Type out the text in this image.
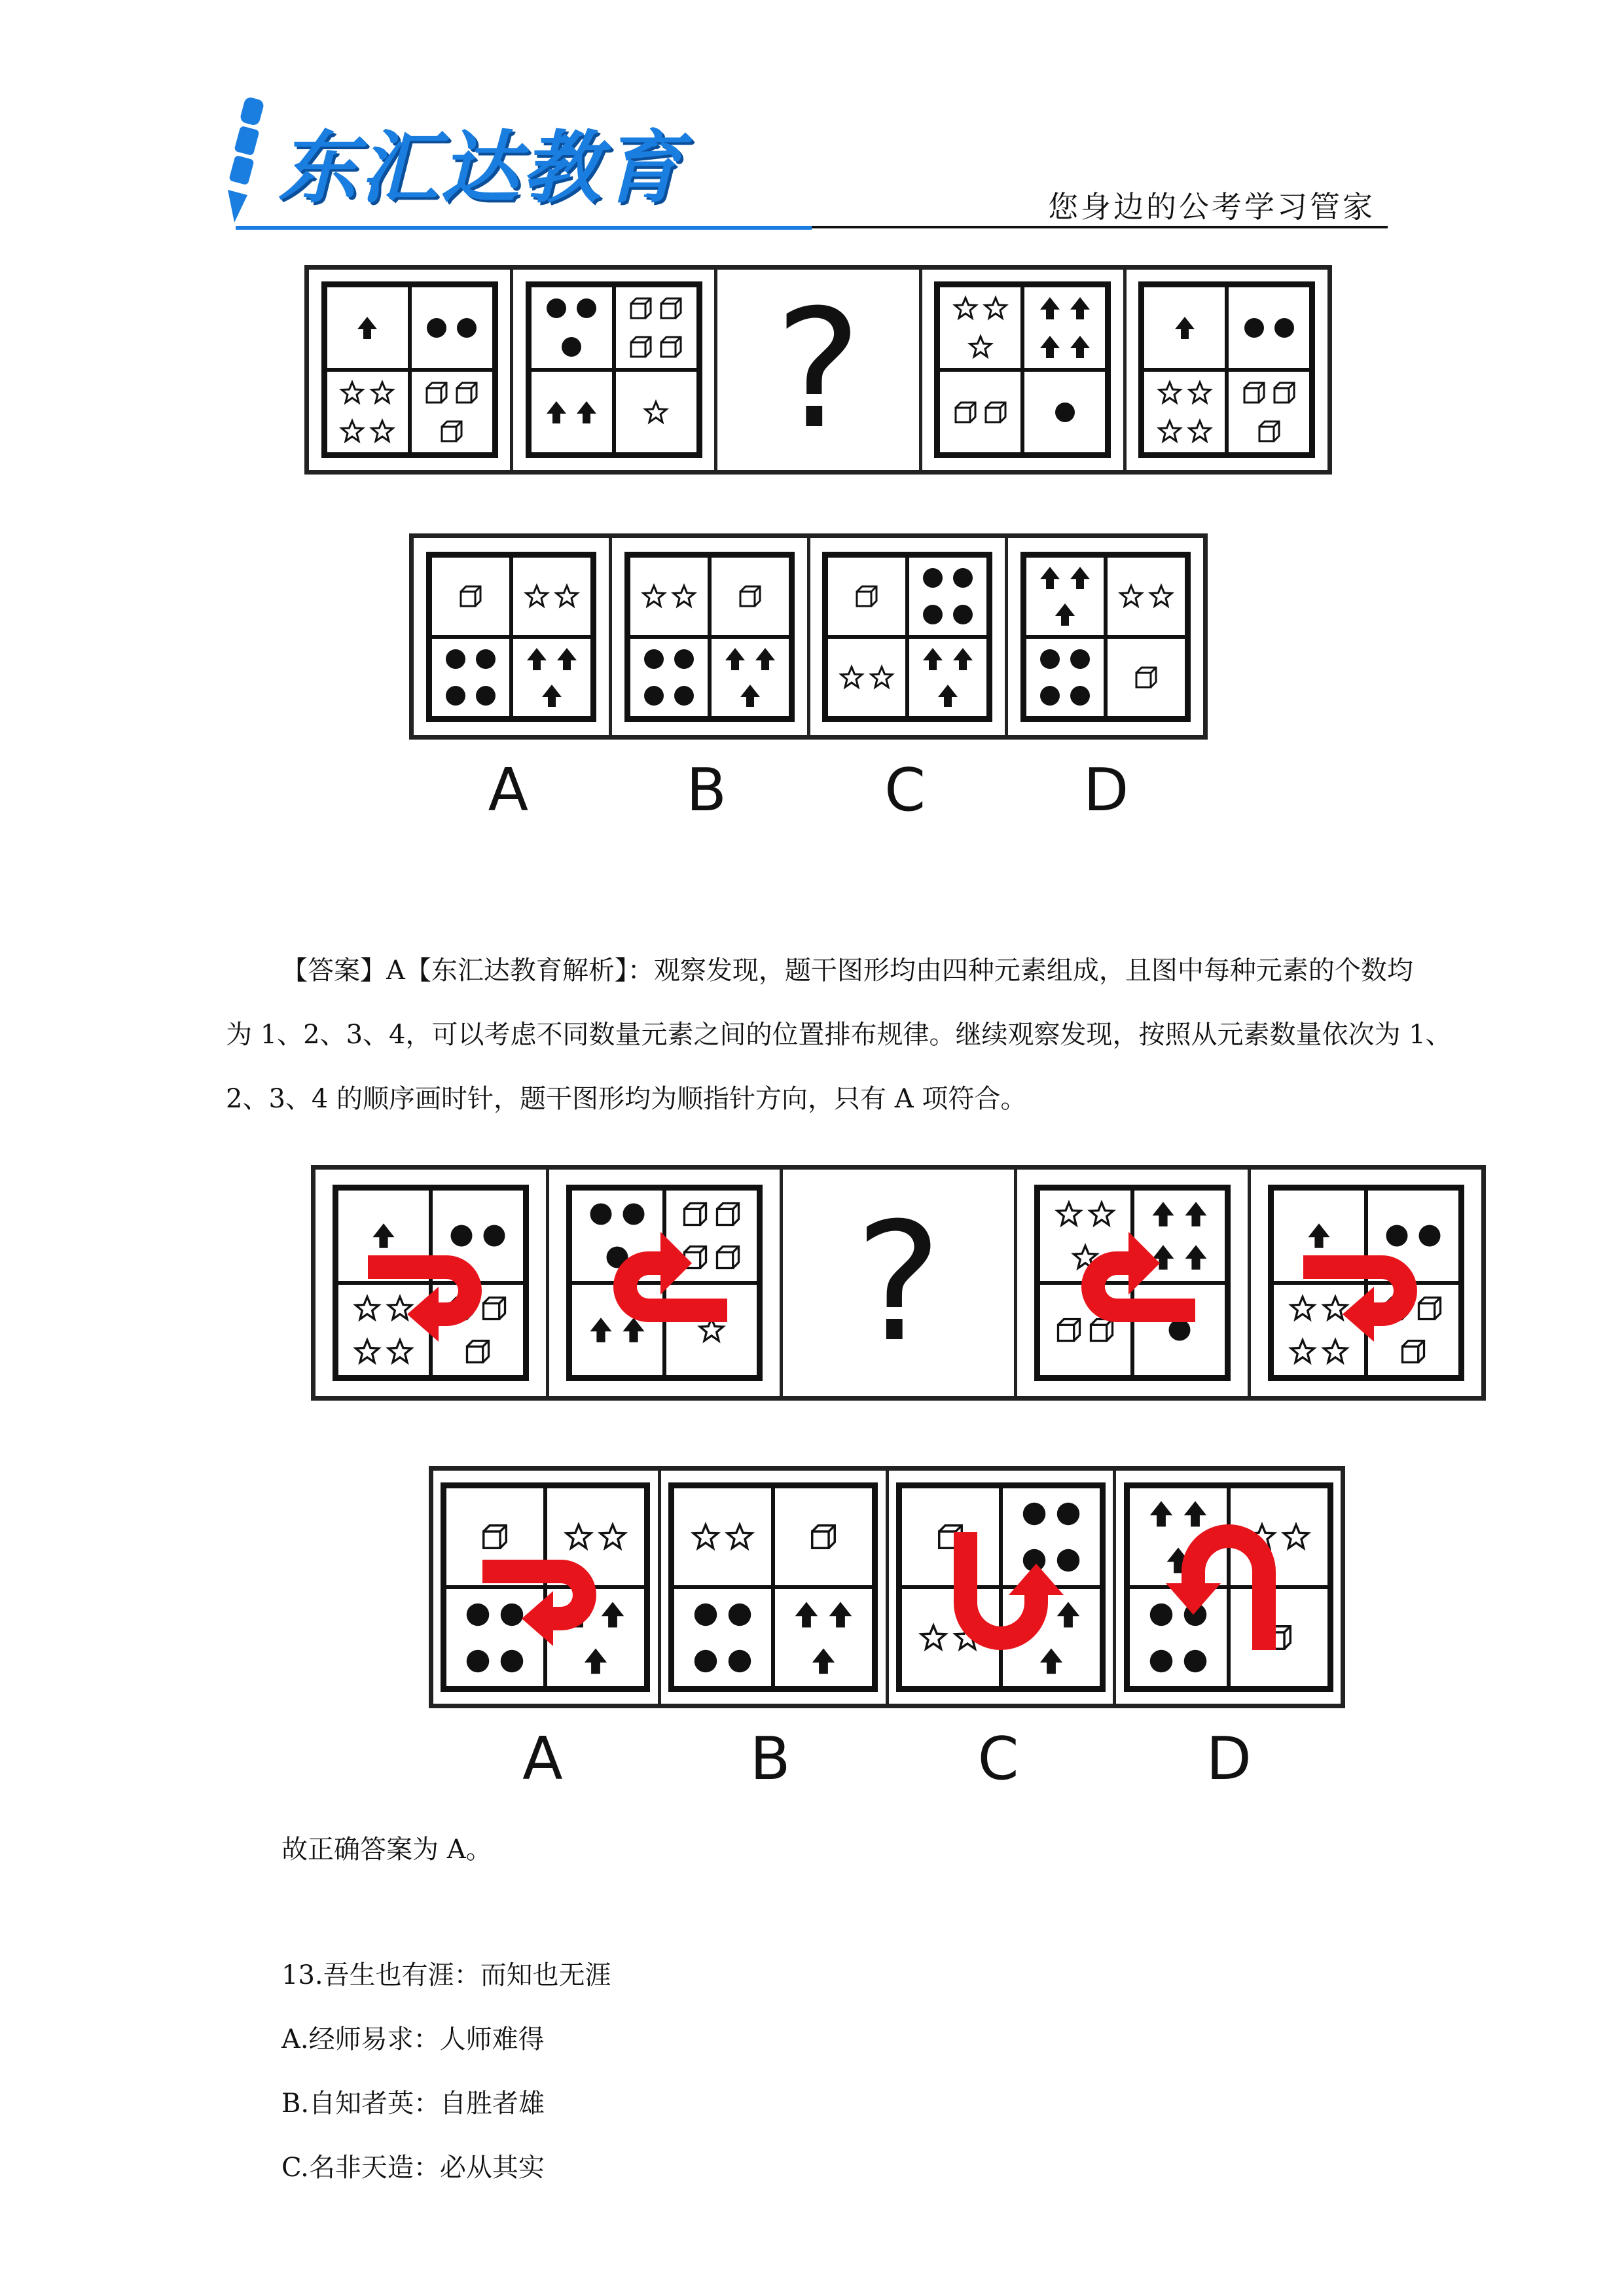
东汇达教育	您身边的公考学习管家
?
A	B	C	D
【答案】A【东汇达教育解析】：观察发现，题干图形均由四种元素组成，且图中每种元素的个数均
为 1、2、3、4，可以考虑不同数量元素之间的位置排布规律。继续观察发现，按照从元素数量依次为 1、
2、3、4 的顺序画时针，题干图形均为顺指针方向，只有 A 项符合。
?
A	B	C	D
故正确答案为 A。
13.吾生也有涯：而知也无涯
A.经师易求：人师难得
B.自知者英：自胜者雄
C.名非天造：必从其实
